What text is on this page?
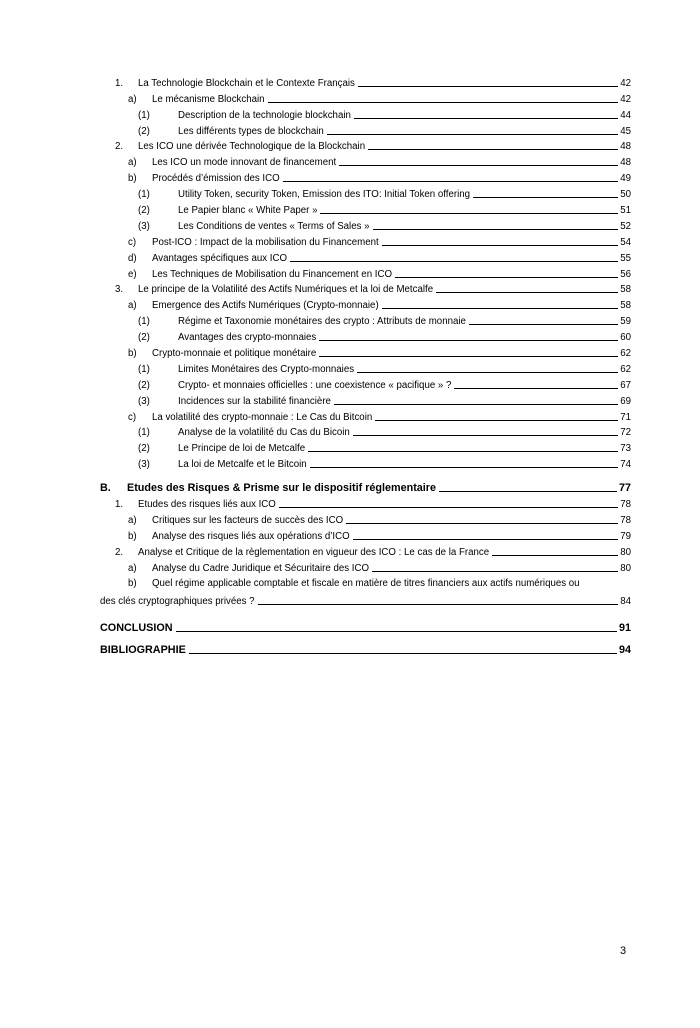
1.	La Technologie Blockchain et le Contexte Français	42
a)	Le mécanisme Blockchain	42
(1)	Description de la technologie blockchain	44
(2)	Les différents types de blockchain	45
2.	Les ICO une dérivée Technologique de la Blockchain	48
a)	Les ICO un mode innovant de financement	48
b)	Procédés d’émission des ICO	49
(1)	Utility Token, security Token, Emission des ITO: Initial Token offering	50
(2)	Le Papier blanc « White Paper »	51
(3)	Les Conditions de ventes « Terms of Sales »	52
c)	Post-ICO : Impact de la mobilisation du Financement	54
d)	Avantages spécifiques aux ICO	55
e)	Les Techniques de Mobilisation du Financement en ICO	56
3.	Le principe de la Volatilité des Actifs Numériques et la loi de Metcalfe	58
a)	Emergence des Actifs Numériques (Crypto-monnaie)	58
(1)	Régime et Taxonomie monétaires des crypto : Attributs de monnaie	59
(2)	Avantages des crypto-monnaies	60
b)	Crypto-monnaie et politique monétaire	62
(1)	Limites Monétaires des Crypto-monnaies	62
(2)	Crypto- et monnaies officielles : une coexistence « pacifique » ?	67
(3)	Incidences sur la stabilité financière	69
c)	La volatilité des crypto-monnaie : Le Cas du Bitcoin	71
(1)	Analyse de la volatilité du Cas du Bicoin	72
(2)	Le Principe de loi de Metcalfe	73
(3)	La loi de Metcalfe et le Bitcoin	74
B.	Etudes des Risques & Prisme sur le dispositif réglementaire	77
1.	Etudes des risques liés aux ICO	78
a)	Critiques sur les facteurs de succès des ICO	78
b)	Analyse des risques liés aux opérations d’ICO	79
2.	Analyse et Critique de la règlementation en vigueur des ICO : Le cas de la France	80
a)	Analyse du Cadre Juridique et Sécuritaire des ICO	80
b)	Quel régime applicable comptable et fiscale en matière de titres financiers aux actifs numériques ou
des clés cryptographiques privées ?	84
CONCLUSION	91
BIBLIOGRAPHIE	94
3
